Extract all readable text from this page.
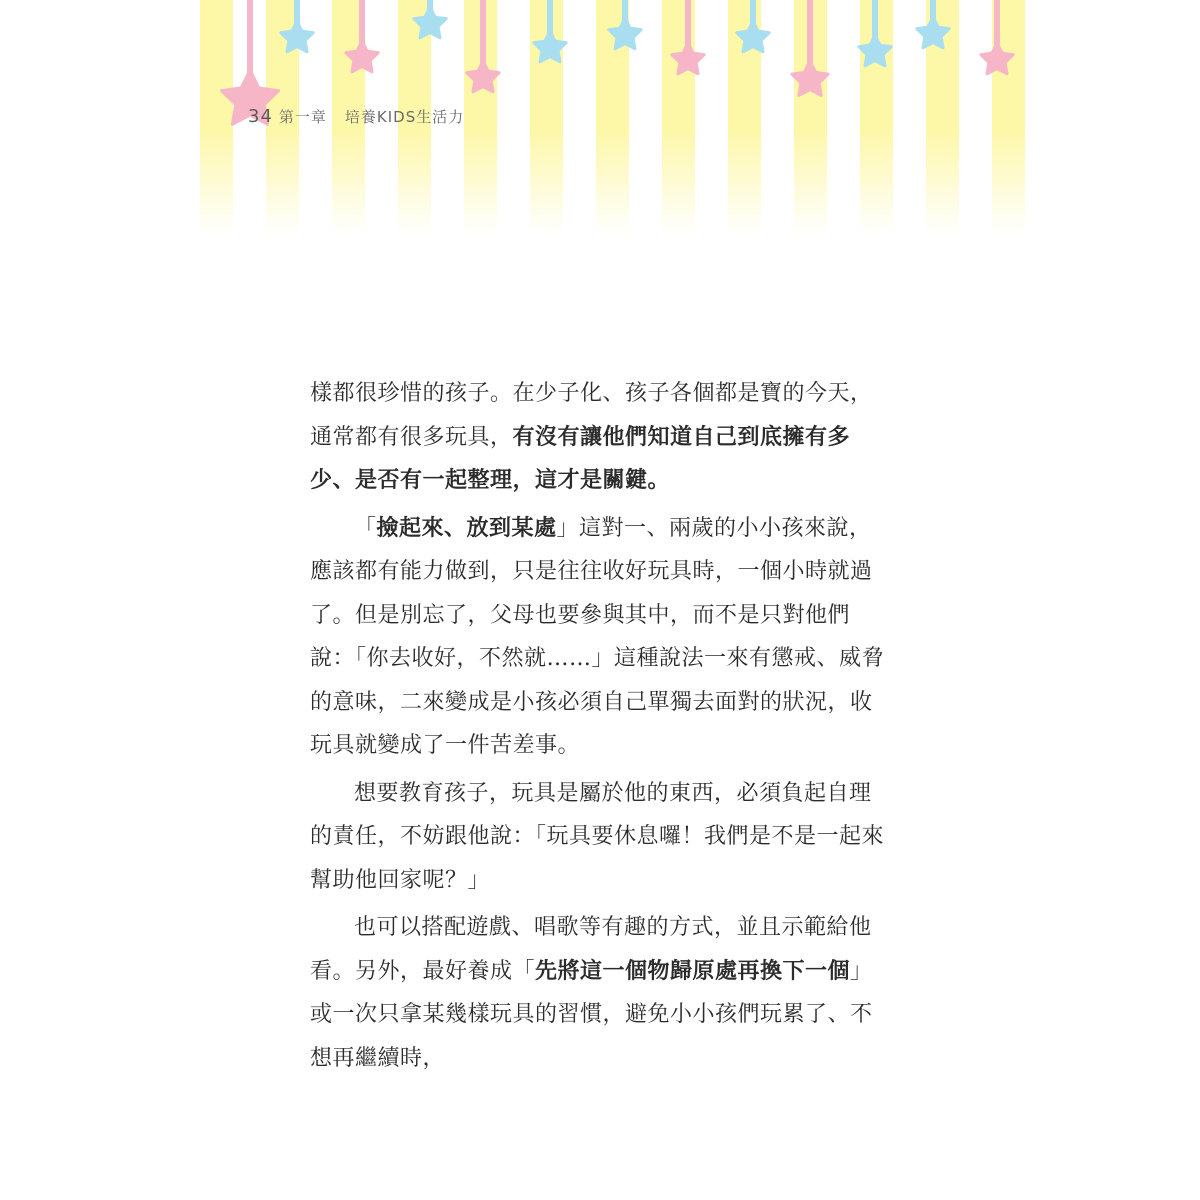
34 第一章 培養KIDS生活力

樣都很珍惜的孩子。在少子化、孩子各個都是寶的今天，通常都有很多玩具，有沒有讓他們知道自己到底擁有多少、是否有一起整理，這才是關鍵。

「撿起來、放到某處」這對一、兩歲的小小孩來說，應該都有能力做到，只是往往收好玩具時，一個小時就過了。但是別忘了，父母也要參與其中，而不是只對他們說：「你去收好，不然就……」這種說法一來有懲戒、威脅的意味，二來變成是小孩必須自己單獨去面對的狀況，收玩具就變成了一件苦差事。

想要教育孩子，玩具是屬於他的東西，必須負起自理的責任，不妨跟他說：「玩具要休息囉！我們是不是一起來幫助他回家呢？」

也可以搭配遊戲、唱歌等有趣的方式，並且示範給他看。另外，最好養成「先將這一個物歸原處再換下一個」或一次只拿某幾樣玩具的習慣，避免小小孩們玩累了、不想再繼續時，
